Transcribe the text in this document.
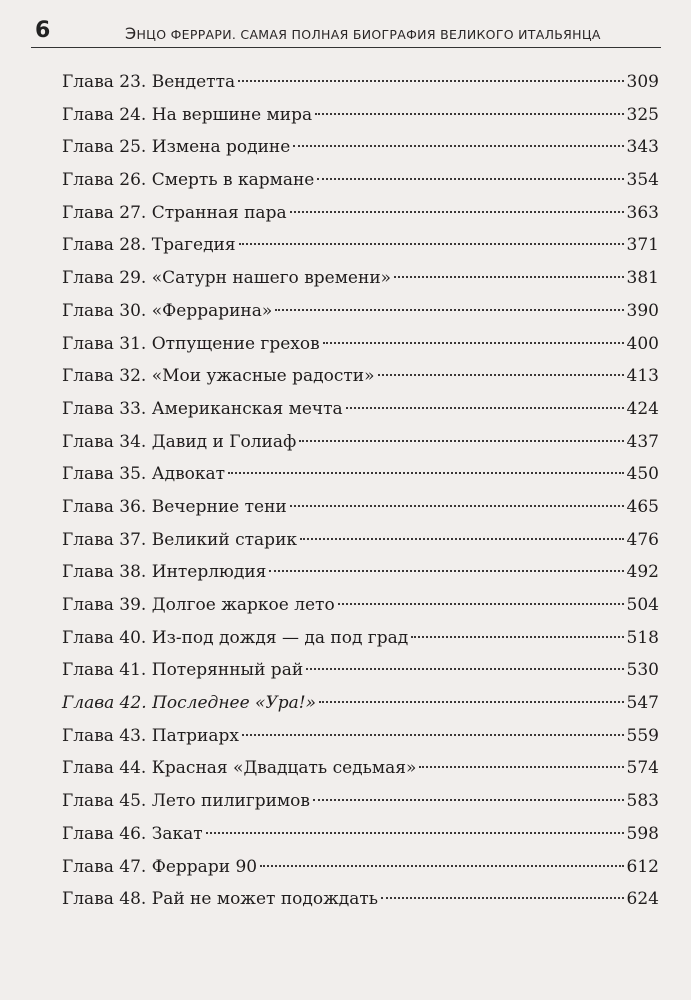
6	ЭНЦО ФЕРРАРИ. САМАЯ ПОЛНАЯ БИОГРАФИЯ ВЕЛИКОГО ИТАЛЬЯНЦА
Глава 23. Вендетта	309
Глава 24. На вершине мира	325
Глава 25. Измена родине	343
Глава 26. Смерть в кармане	354
Глава 27. Странная пара	363
Глава 28. Трагедия	371
Глава 29. «Сатурн нашего времени»	381
Глава 30. «Феррарина»	390
Глава 31. Отпущение грехов	400
Глава 32. «Мои ужасные радости»	413
Глава 33. Американская мечта	424
Глава 34. Давид и Голиаф	437
Глава 35. Адвокат	450
Глава 36. Вечерние тени	465
Глава 37. Великий старик	476
Глава 38. Интерлюдия	492
Глава 39. Долгое жаркое лето	504
Глава 40. Из-под дождя — да под град	518
Глава 41. Потерянный рай	530
Глава 42. Последнее «Ура!»	547
Глава 43. Патриарх	559
Глава 44. Красная «Двадцать седьмая»	574
Глава 45. Лето пилигримов	583
Глава 46. Закат	598
Глава 47. Феррари 90	612
Глава 48. Рай не может подождать	624
